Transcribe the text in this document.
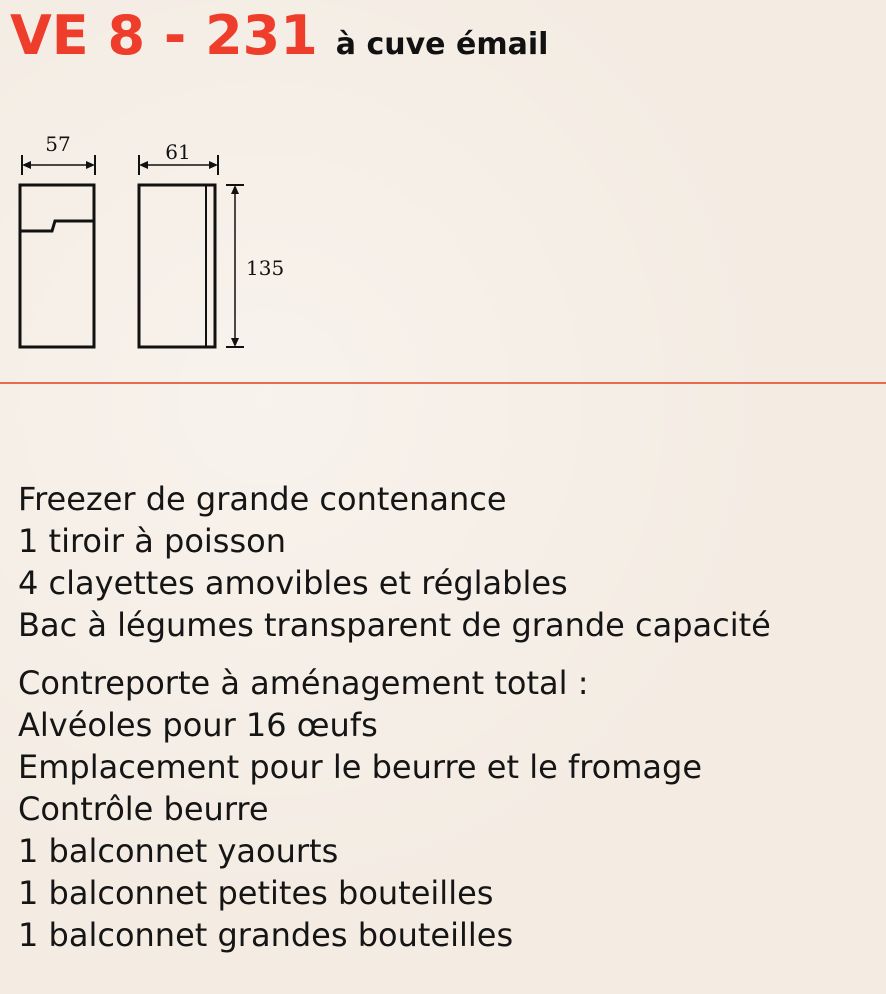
VE 8 - 231 à cuve émail
57	61
135
Freezer de grande contenance
1 tiroir à poisson
4 clayettes amovibles et réglables
Bac à légumes transparent de grande capacité
Contreporte à aménagement total :
Alvéoles pour 16 œufs
Emplacement pour le beurre et le fromage
Contrôle beurre
1 balconnet yaourts
1 balconnet petites bouteilles
1 balconnet grandes bouteilles
